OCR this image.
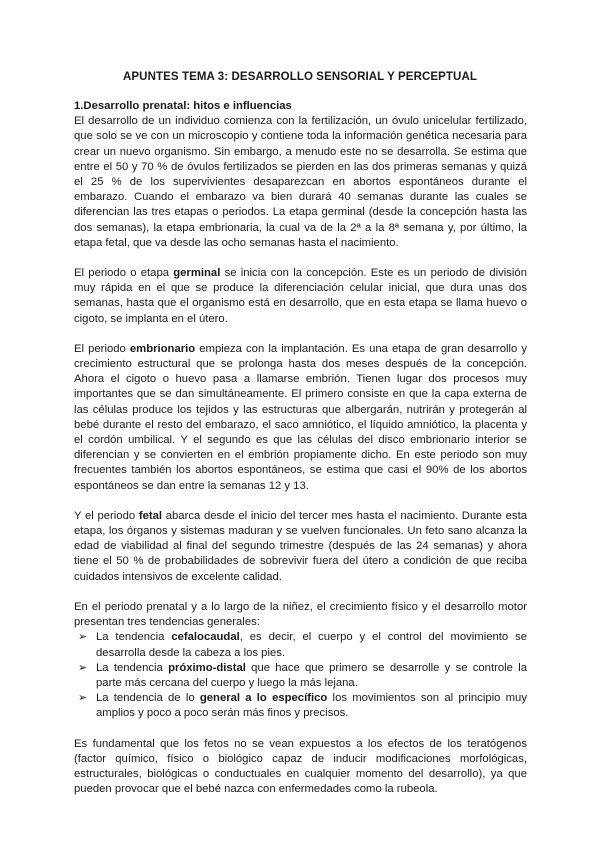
APUNTES TEMA 3: DESARROLLO SENSORIAL Y PERCEPTUAL
1.Desarrollo prenatal: hitos e influencias

El desarrollo de un individuo comienza con la fertilización, un óvulo unicelular fertilizado, que solo se ve con un microscopio y contiene toda la información genética necesaria para crear un nuevo organismo. Sin embargo, a menudo este no se desarrolla. Se estima que entre el 50 y 70 % de óvulos fertilizados se pierden en las dos primeras semanas y quizá el 25 % de los supervivientes desaparezcan en abortos espontáneos durante el embarazo. Cuando el embarazo va bien durará 40 semanas durante las cuales se diferencian las tres etapas o periodos. La etapa germinal (desde la concepción hasta las dos semanas), la etapa embrionaria, la cual va de la 2ª a la 8ª semana y, por último, la etapa fetal, que va desde las ocho semanas hasta el nacimiento.

El periodo o etapa germinal se inicia con la concepción. Este es un periodo de división muy rápida en el que se produce la diferenciación celular inicial, que dura unas dos semanas, hasta que el organismo está en desarrollo, que en esta etapa se llama huevo o cigoto, se implanta en el útero.

El periodo embrionario empieza con la implantación. Es una etapa de gran desarrollo y crecimiento estructural que se prolonga hasta dos meses después de la concepción. Ahora el cigoto o huevo pasa a llamarse embrión. Tienen lugar dos procesos muy importantes que se dan simultáneamente. El primero consiste en que la capa externa de las células produce los tejidos y las estructuras que albergarán, nutrirán y protegerán al bebé durante el resto del embarazo, el saco amniótico, el líquido amniótico, la placenta y el cordón umbilical. Y el segundo es que las células del disco embrionario interior se diferencian y se convierten en el embrión propiamente dicho. En este periodo son muy frecuentes también los abortos espontáneos, se estima que casi el 90% de los abortos espontáneos se dan entre la semanas 12 y 13.

Y el periodo fetal abarca desde el inicio del tercer mes hasta el nacimiento. Durante esta etapa, los órganos y sistemas maduran y se vuelven funcionales. Un feto sano alcanza la edad de viabilidad al final del segundo trimestre (después de las 24 semanas) y ahora tiene el 50 % de probabilidades de sobrevivir fuera del útero a condición de que reciba cuidados intensivos de excelente calidad.

En el periodo prenatal y a lo largo de la niñez, el crecimiento físico y el desarrollo motor presentan tres tendencias generales:

➢ La tendencia cefalocaudal, es decir, el cuerpo y el control del movimiento se desarrolla desde la cabeza a los pies.
➢ La tendencia próximo-distal que hace que primero se desarrolle y se controle la parte más cercana del cuerpo y luego la más lejana.
➢ La tendencia de lo general a lo específico los movimientos son al principio muy amplios y poco a poco serán más finos y precisos.

Es fundamental que los fetos no se vean expuestos a los efectos de los teratógenos (factor químico, físico o biológico capaz de inducir modificaciones morfológicas, estructurales, biológicas o conductuales en cualquier momento del desarrollo), ya que pueden provocar que el bebé nazca con enfermedades como la rubeola.
